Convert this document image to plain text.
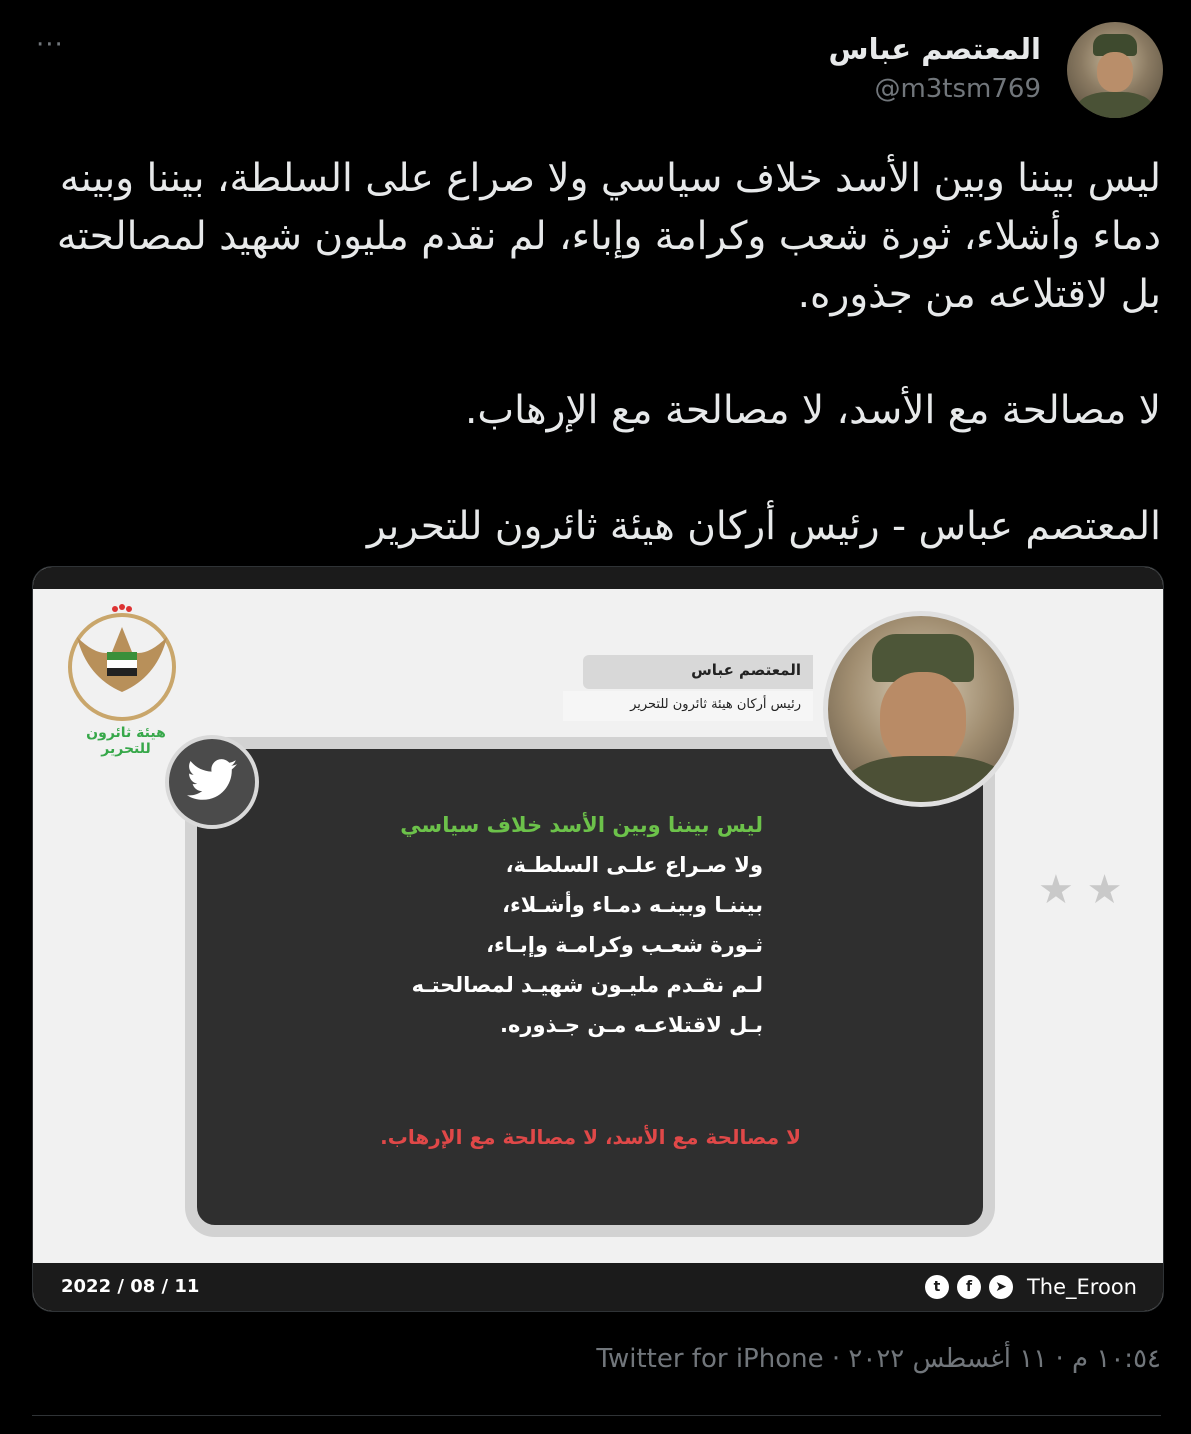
···	المعتصم عباس
@m3tsm769

ليس بيننا وبين الأسد خلاف سياسي ولا صراع على السلطة، بيننا وبينه دماء وأشلاء، ثورة شعب وكرامة وإباء، لم نقدم مليون شهيد لمصالحته بل لاقتلاعه من جذوره.

لا مصالحة مع الأسد، لا مصالحة مع الإرهاب.

المعتصم عباس - رئيس أركان هيئة ثائرون للتحرير

هيئة ثائرون للتحرير
المعتصم عباس
رئيس أركان هيئة ثائرون للتحرير
ليس بيننا وبين الأسد خلاف سياسي
ولا صـراع علـى السلطـة،
بيننـا وبينـه دمـاء وأشـلاء،
ثـورة شعـب وكرامـة وإبـاء،
لـم نقـدم مليـون شهيـد لمصالحتـه
بـل لاقتلاعـه مـن جـذوره.
لا مصالحة مع الأسد، لا مصالحة مع الإرهاب.
★ ★
2022 / 08 / 11	t	f	➤ The_Eroon
١٠:٥٤ م · ١١ أغسطس ٢٠٢٢ · Twitter for iPhone
